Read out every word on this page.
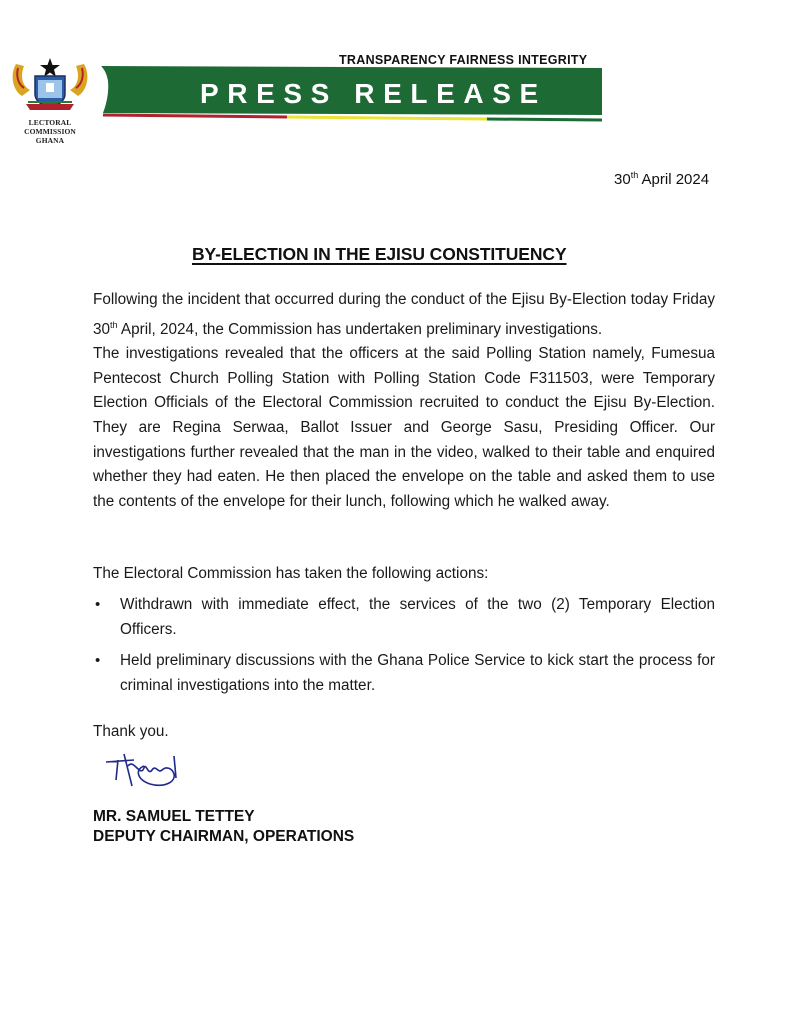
LECTORAL COMMISSION
GHANA
TRANSPARENCY FAIRNESS INTEGRITY
PRESS RELEASE
30th April 2024
BY-ELECTION IN THE EJISU CONSTITUENCY
Following the incident that occurred during the conduct of the Ejisu By-Election today Friday 30th April, 2024, the Commission has undertaken preliminary investigations.
The investigations revealed that the officers at the said Polling Station namely, Fumesua Pentecost Church Polling Station with Polling Station Code F311503, were Temporary Election Officials of the Electoral Commission recruited to conduct the Ejisu By-Election. They are Regina Serwaa, Ballot Issuer and George Sasu, Presiding Officer. Our investigations further revealed that the man in the video, walked to their table and enquired whether they had eaten. He then placed the envelope on the table and asked them to use the contents of the envelope for their lunch, following which he walked away.
The Electoral Commission has taken the following actions:
• Withdrawn with immediate effect, the services of the two (2) Temporary Election Officers.
• Held preliminary discussions with the Ghana Police Service to kick start the process for criminal investigations into the matter.
Thank you.
MR. SAMUEL TETTEY
DEPUTY CHAIRMAN, OPERATIONS
